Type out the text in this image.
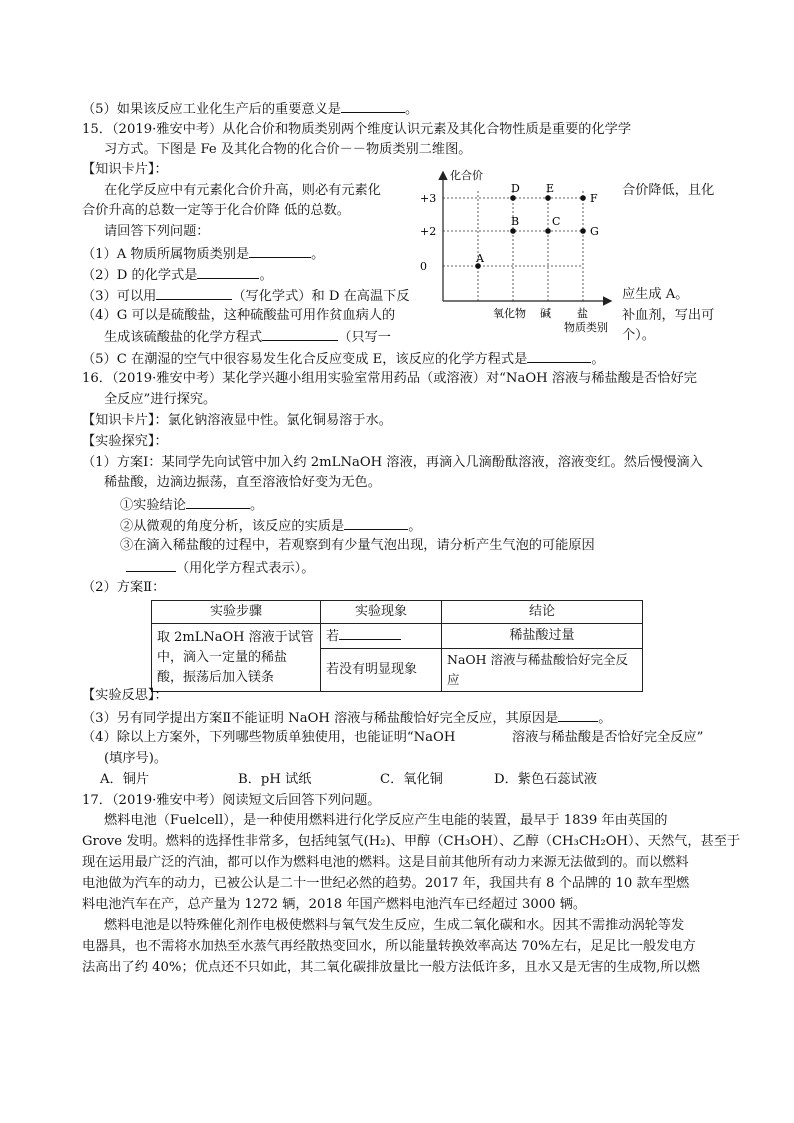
（5）如果该反应工业化生产后的重要意义是	。
15．（2019·雅安中考）从化合价和物质类别两个维度认识元素及其化合物性质是重要的化学学
习方式。下图是 Fe 及其化合物的化合价－－物质类别二维图。
【知识卡片】：
在化学反应中有元素化合价升高，则必有元素化	合价降低，且化
合价升高的总数一定等于化合价降 低的总数。
请回答下列问题：
（1）A 物质所属物质类别是	。
（2）D 的化学式是	。
（3）可以用	（写化学式）和 D 在高温下反	应生成 A。
（4）G 可以是硫酸盐，这种硫酸盐可用作贫血病人的	补血剂，写出可
生成该硫酸盐的化学方程式	（只写一	个）。
（5）C 在潮湿的空气中很容易发生化合反应变成 E，该反应的化学方程式是	。
化合价
物质类别
+3
+2
0
氧化物 碱 盐
A
B	C
D E
F
G
16．（2019·雅安中考）某化学兴趣小组用实验室常用药品（或溶液）对“NaOH 溶液与稀盐酸是否恰好完
全反应”进行探究。
【知识卡片】：氯化钠溶液显中性。氯化铜易溶于水。
【实验探究】：
（1）方案Ⅰ：某同学先向试管中加入约 2mLNaOH 溶液，再滴入几滴酚酞溶液，溶液变红。然后慢慢滴入
稀盐酸，边滴边振荡，直至溶液恰好变为无色。
①实验结论	。
②从微观的角度分析，该反应的实质是	。
③在滴入稀盐酸的过程中，若观察到有少量气泡出现，请分析产生气泡的可能原因
（用化学方程式表示）。
（2）方案Ⅱ：
实验步骤	实验现象	结论

取 2mLNaOH 溶液于试管
中，滴入一定量的稀盐
酸，振荡后加入镁条	若	稀盐酸过量
	若没有明显现象	NaOH 溶液与稀盐酸恰好完全反
应
【实验反思】：
（3）另有同学提出方案Ⅱ不能证明 NaOH 溶液与稀盐酸恰好完全反应，其原因是	。
（4）除以上方案外，下列哪些物质单独使用，也能证明“NaOH	溶液与稀盐酸是否恰好完全反应”
(填序号)。
A．铜片	B．pH 试纸	C．氧化铜	D．紫色石蕊试液
17．（2019·雅安中考）阅读短文后回答下列问题。
燃料电池（Fuelcell），是一种使用燃料进行化学反应产生电能的装置，最早于 1839 年由英国的
Grove 发明。燃料的选择性非常多，包括纯氢气(H₂)、甲醇（CH₃OH）、乙醇（CH₃CH₂OH）、天然气，甚至于
现在运用最广泛的汽油，都可以作为燃料电池的燃料。这是目前其他所有动力来源无法做到的。而以燃料
电池做为汽车的动力，已被公认是二十一世纪必然的趋势。2017 年，我国共有 8 个品牌的 10 款车型燃
料电池汽车在产，总产量为 1272 辆，2018 年国产燃料电池汽车已经超过 3000 辆。
燃料电池是以特殊催化剂作电极使燃料与氧气发生反应，生成二氧化碳和水。因其不需推动涡轮等发
电器具，也不需将水加热至水蒸气再经散热变回水，所以能量转换效率高达 70%左右，足足比一般发电方
法高出了约 40%；优点还不只如此，其二氧化碳排放量比一般方法低许多，且水又是无害的生成物,所以燃
